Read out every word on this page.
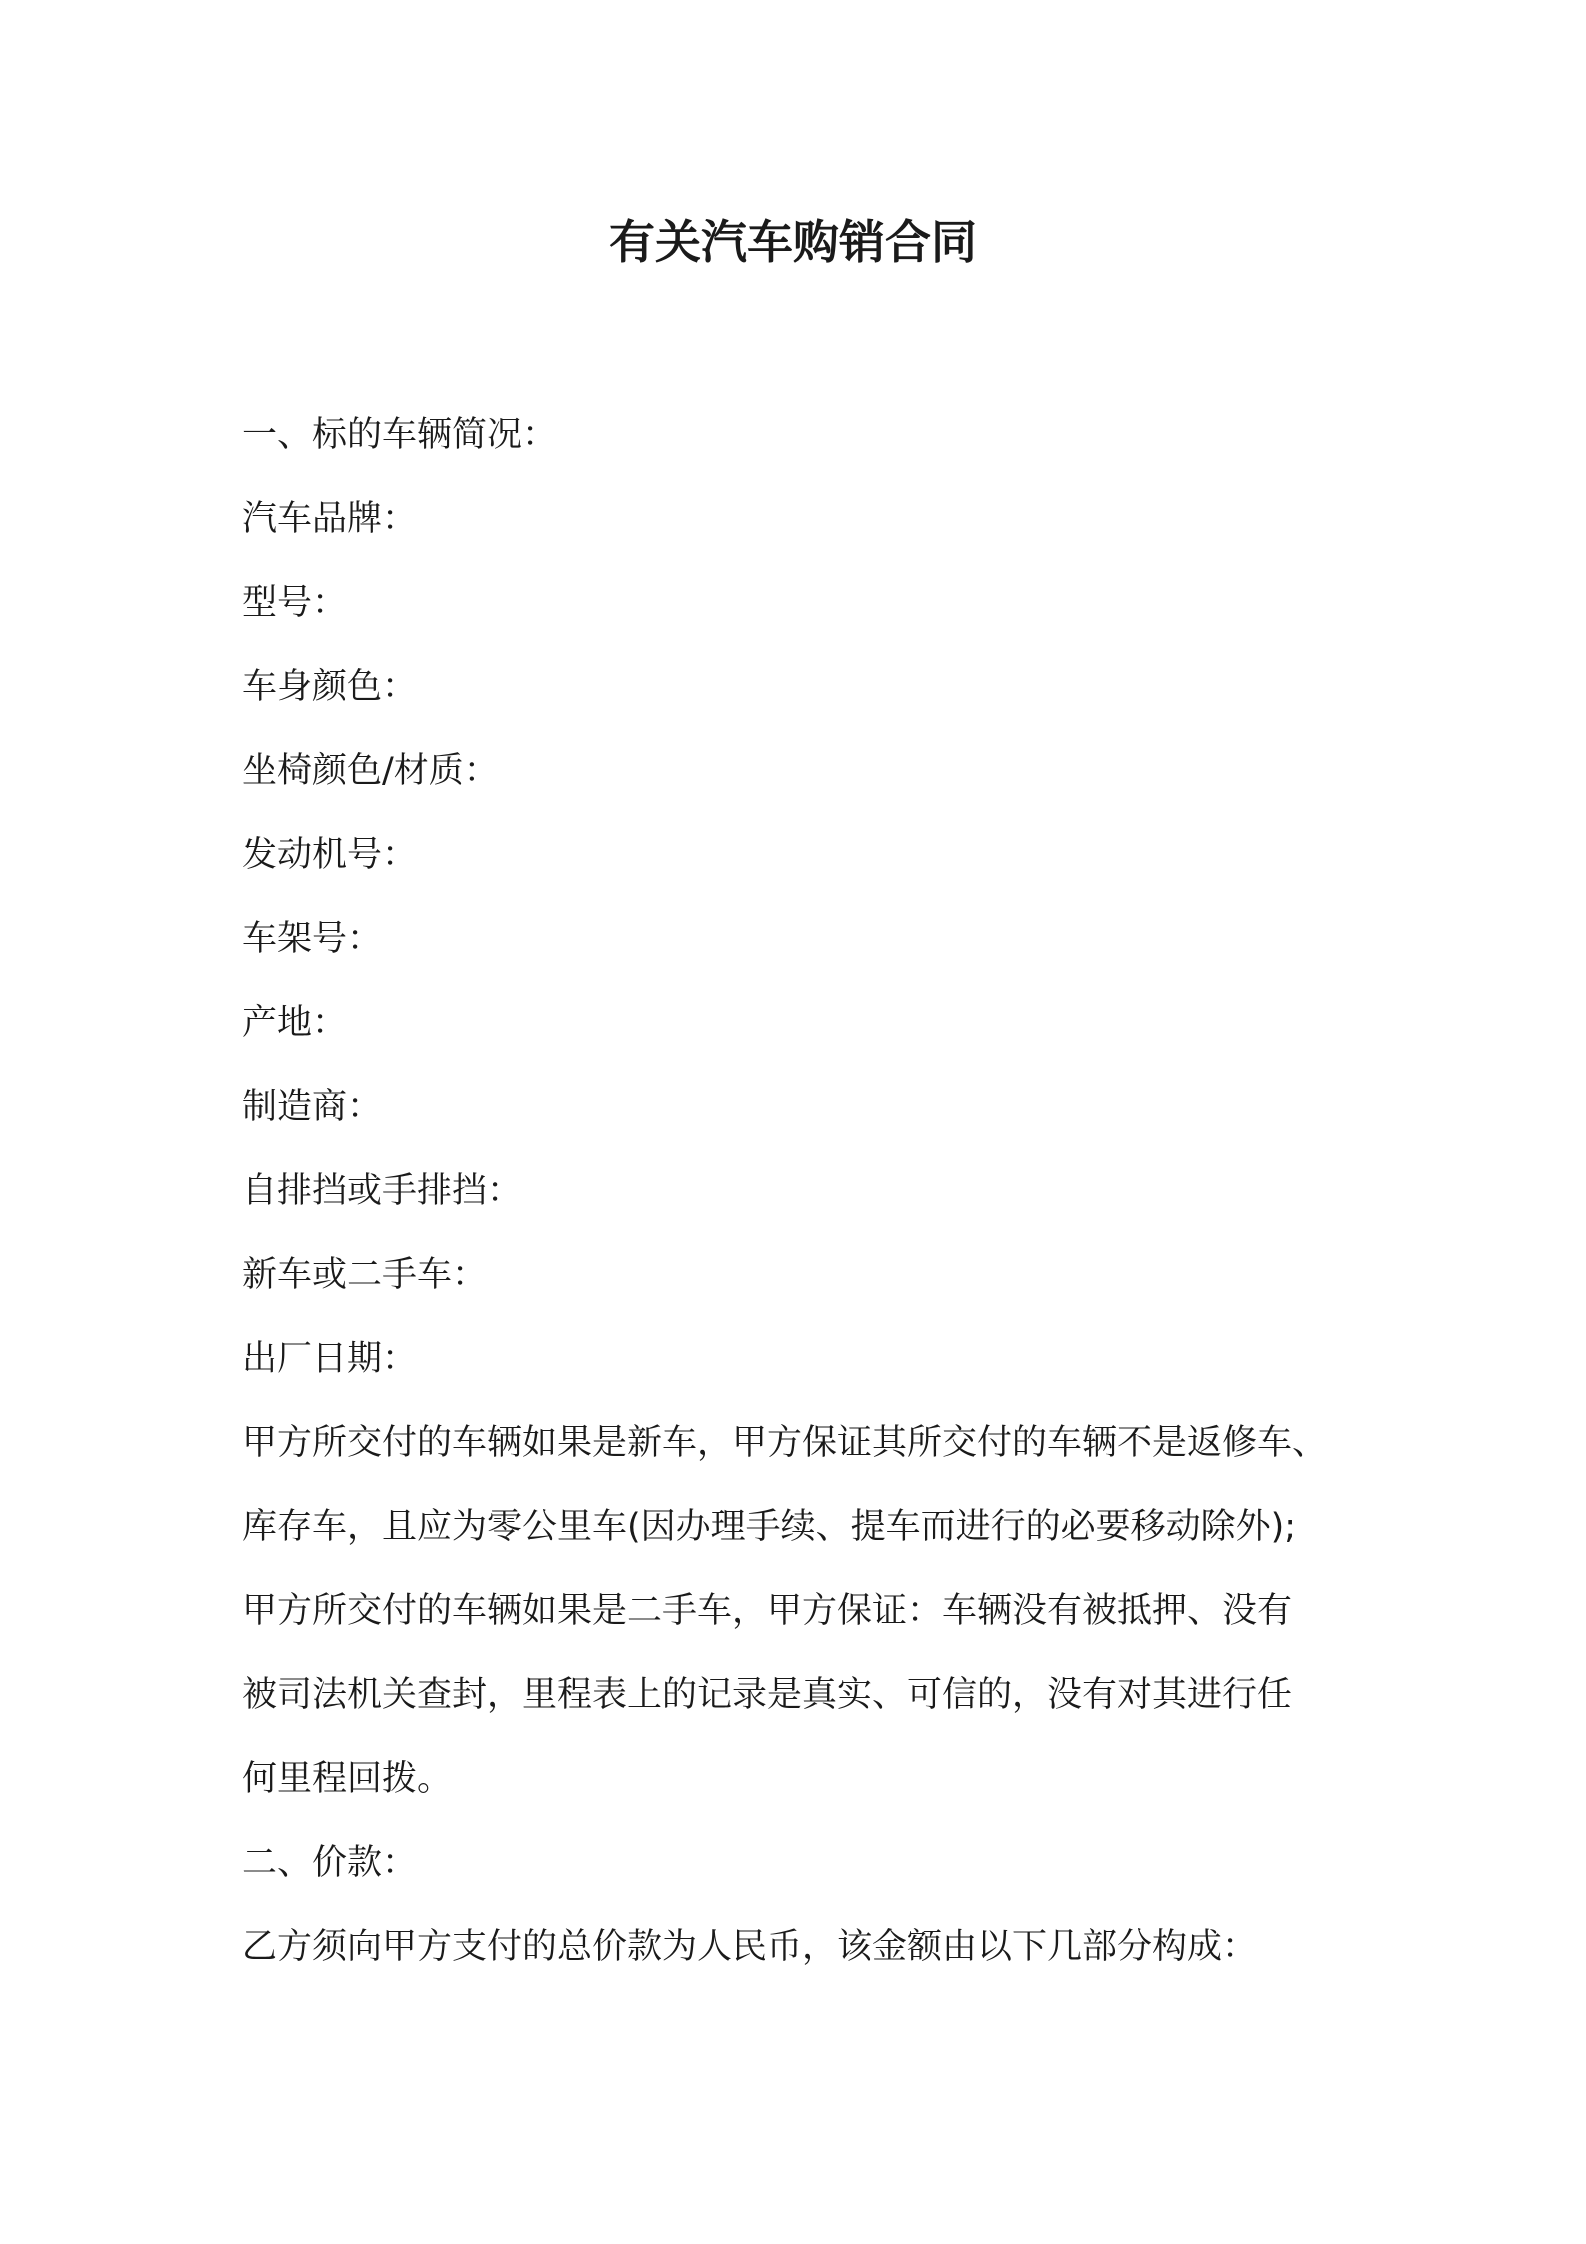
有关汽车购销合同

一、标的车辆简况：

汽车品牌：

型号：

车身颜色：

坐椅颜色/材质：

发动机号：

车架号：

产地：

制造商：

自排挡或手排挡：

新车或二手车：

出厂日期：

甲方所交付的车辆如果是新车，甲方保证其所交付的车辆不是返修车、

库存车，且应为零公里车(因办理手续、提车而进行的必要移动除外);

甲方所交付的车辆如果是二手车，甲方保证：车辆没有被抵押、没有

被司法机关查封，里程表上的记录是真实、可信的，没有对其进行任

何里程回拨。

二、价款：

乙方须向甲方支付的总价款为人民币，该金额由以下几部分构成：
